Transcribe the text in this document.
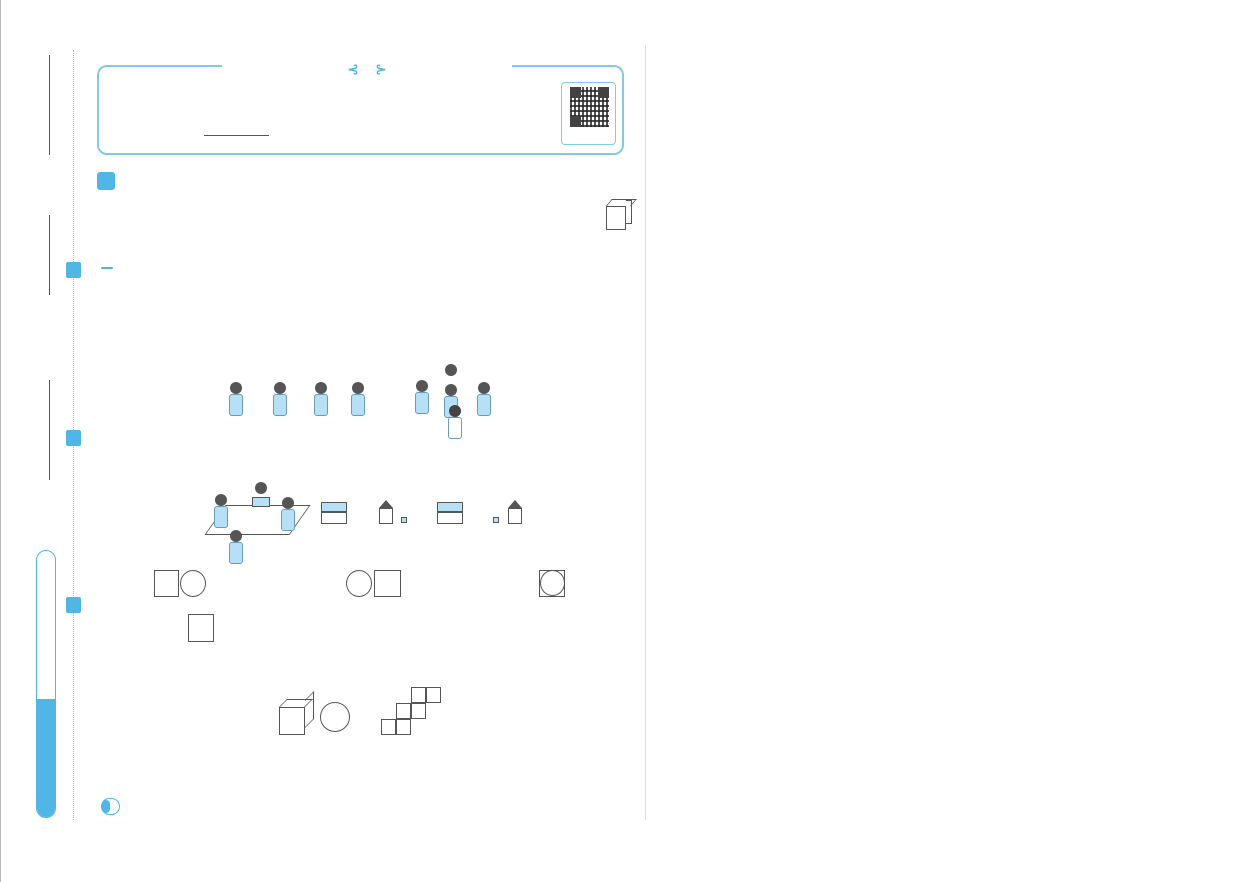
⊰ ⊱
